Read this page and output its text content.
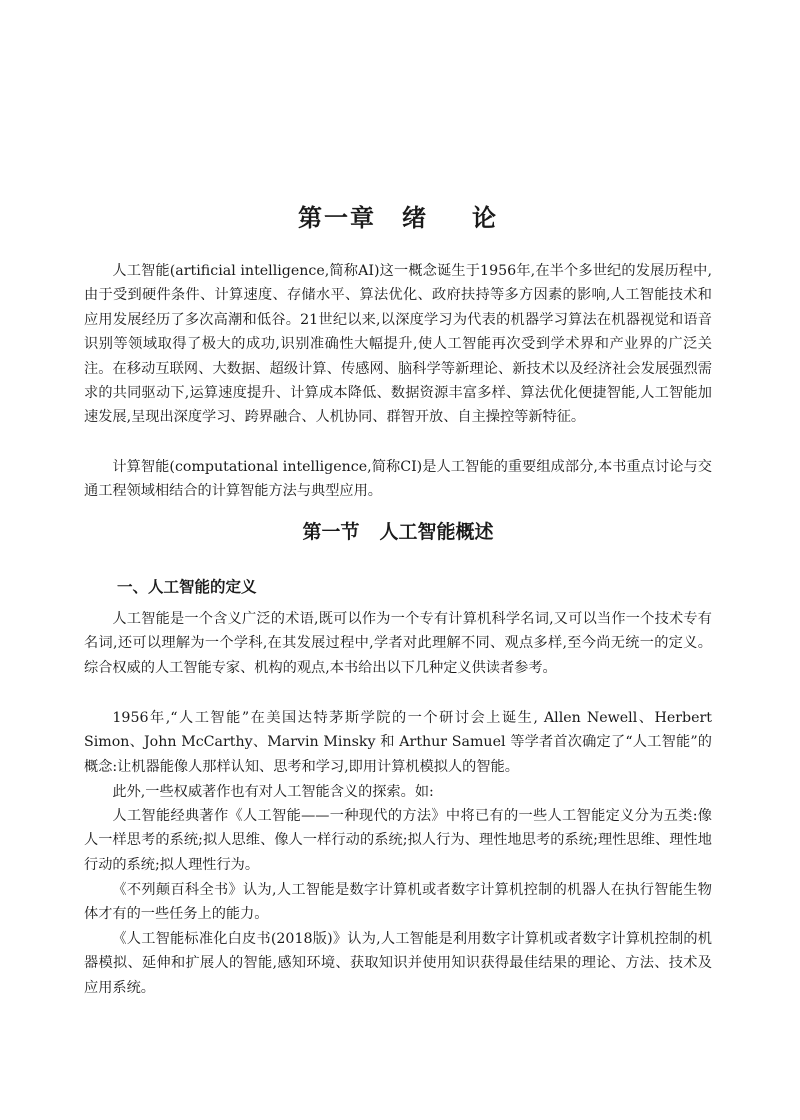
第一章 绪 论

人工智能(artificial intelligence,简称AI)这一概念诞生于1956年,在半个多世纪的发展历程中,由于受到硬件条件、计算速度、存储水平、算法优化、政府扶持等多方因素的影响,人工智能技术和应用发展经历了多次高潮和低谷。21世纪以来,以深度学习为代表的机器学习算法在机器视觉和语音识别等领域取得了极大的成功,识别准确性大幅提升,使人工智能再次受到学术界和产业界的广泛关注。在移动互联网、大数据、超级计算、传感网、脑科学等新理论、新技术以及经济社会发展强烈需求的共同驱动下,运算速度提升、计算成本降低、数据资源丰富多样、算法优化便捷智能,人工智能加速发展,呈现出深度学习、跨界融合、人机协同、群智开放、自主操控等新特征。

计算智能(computational intelligence,简称CI)是人工智能的重要组成部分,本书重点讨论与交通工程领域相结合的计算智能方法与典型应用。

第一节 人工智能概述
一、人工智能的定义

人工智能是一个含义广泛的术语,既可以作为一个专有计算机科学名词,又可以当作一个技术专有名词,还可以理解为一个学科,在其发展过程中,学者对此理解不同、观点多样,至今尚无统一的定义。综合权威的人工智能专家、机构的观点,本书给出以下几种定义供读者参考。

1956年,“人工智能”在美国达特茅斯学院的一个研讨会上诞生, Allen Newell、Herbert Simon、John McCarthy、Marvin Minsky 和 Arthur Samuel 等学者首次确定了“人工智能”的概念:让机器能像人那样认知、思考和学习,即用计算机模拟人的智能。

此外,一些权威著作也有对人工智能含义的探索。如:

人工智能经典著作《人工智能——一种现代的方法》中将已有的一些人工智能定义分为五类:像人一样思考的系统;拟人思维、像人一样行动的系统;拟人行为、理性地思考的系统;理性思维、理性地行动的系统;拟人理性行为。

《不列颠百科全书》认为,人工智能是数字计算机或者数字计算机控制的机器人在执行智能生物体才有的一些任务上的能力。

《人工智能标准化白皮书(2018版)》认为,人工智能是利用数字计算机或者数字计算机控制的机器模拟、延伸和扩展人的智能,感知环境、获取知识并使用知识获得最佳结果的理论、方法、技术及应用系统。
